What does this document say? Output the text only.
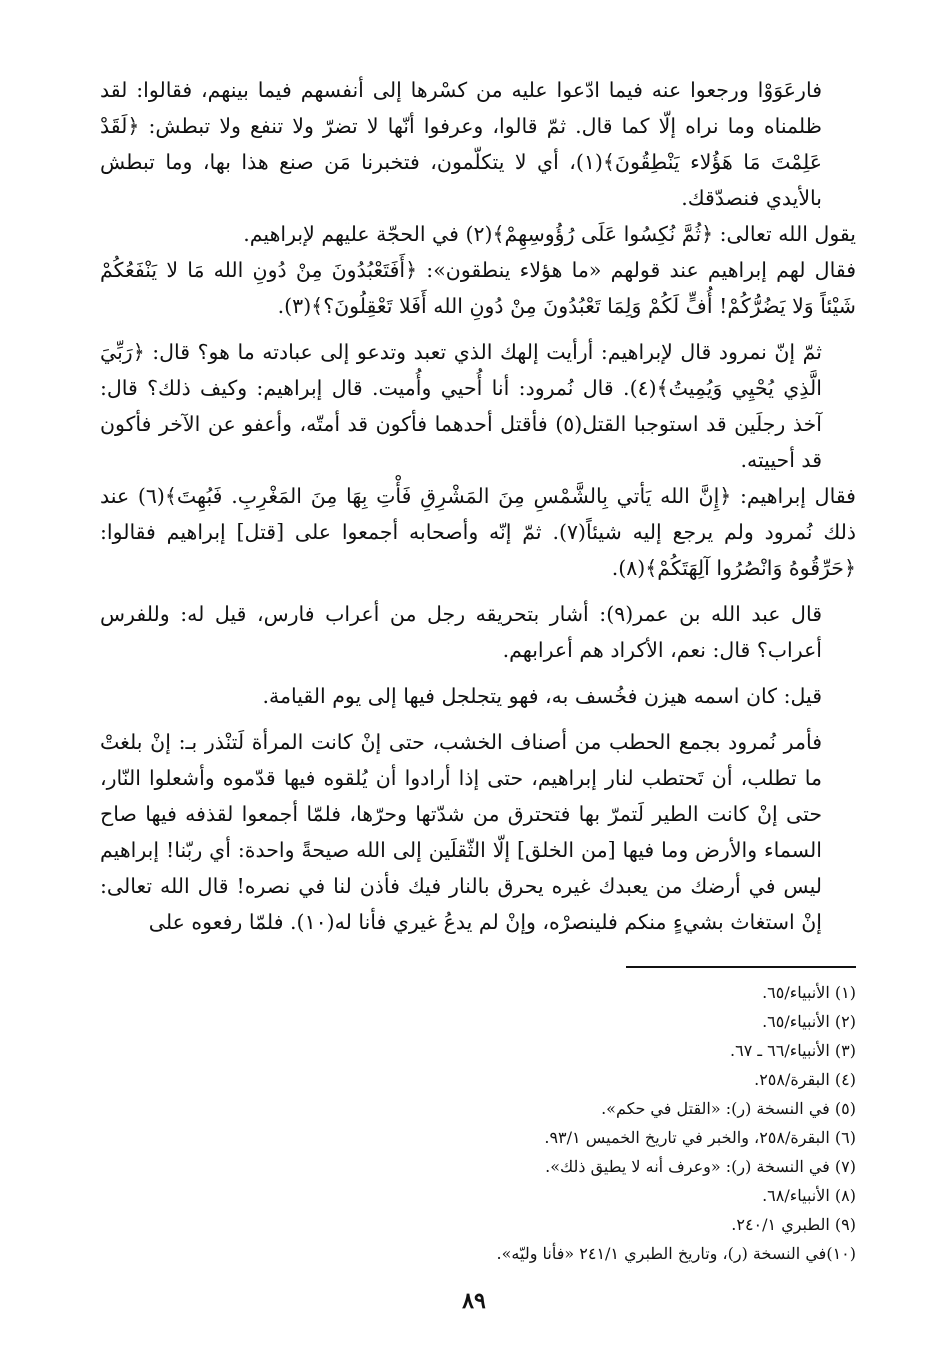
فارعَوَوْا ورجعوا عنه فيما ادّعوا عليه من كسْرها إلى أنفسهم فيما بينهم، فقالوا: لقد ظلمناه وما نراه إلّا كما قال. ثمّ قالوا، وعرفوا أنّها لا تضرّ ولا تنفع ولا تبطش: ﴿لَقَدْ عَلِمْتَ مَا هَؤُلاء يَنْطِقُونَ﴾(١)، أي لا يتكلّمون، فتخبرنا مَن صنع هذا بها، وما تبطش بالأيدي فنصدّقك.
يقول الله تعالى: ﴿ثُمَّ نُكِسُوا عَلَى رُؤُوسِهِمْ﴾(٢) في الحجّة عليهم لإبراهيم.
فقال لهم إبراهيم عند قولهم «ما هؤلاء ينطقون»: ﴿أَفَتَعْبُدُونَ مِنْ دُونِ الله مَا لا يَنْفَعُكُمْ شَيْئاً وَلا يَضُرُّكُمْ! أُفٍّ لَكُمْ وَلِمَا تَعْبُدُونَ مِنْ دُونِ الله أَفَلا تَعْقِلُونَ؟﴾(٣).

ثمّ إنّ نمرود قال لإبراهيم: أرأيت إلهك الذي تعبد وتدعو إلى عبادته ما هو؟ قال: ﴿رَبِّيَ الَّذِي يُحْيِي وَيُمِيتُ﴾(٤). قال نُمرود: أنا أُحيي وأُميت. قال إبراهيم: وكيف ذلك؟ قال: آخذ رجلَين قد استوجبا القتل(٥) فأقتل أحدهما فأكون قد أمتّه، وأعفو عن الآخر فأكون قد أحييته.
فقال إبراهيم: ﴿إِنَّ الله يَأتي بِالشَّمْسِ مِنَ المَشْرِقِ فَأْتِ بِهَا مِنَ المَغْرِبِ. فَبُهِتَ﴾(٦) عند ذلك نُمرود ولم يرجع إليه شيئاً(٧). ثمّ إنّه وأصحابه أجمعوا على [قتل] إبراهيم فقالوا: ﴿حَرِّقُوهُ وَانْصُرُوا آلِهَتَكُمْ﴾(٨).

قال عبد الله بن عمر(٩): أشار بتحريقه رجل من أعراب فارس، قيل له: وللفرس أعراب؟ قال: نعم، الأكراد هم أعرابهم.

قيل: كان اسمه هيزن فخُسف به، فهو يتجلجل فيها إلى يوم القيامة.

فأمر نُمرود بجمع الحطب من أصناف الخشب، حتى إنْ كانت المرأة لَتنْذر بـ: إنْ بلغتْ ما تطلب، أن تَحتطب لنار إبراهيم، حتى إذا أرادوا أن يُلقوه فيها قدّموه وأشعلوا النّار، حتى إنْ كانت الطير لَتمرّ بها فتحترق من شدّتها وحرّها، فلمّا أجمعوا لقذفه فيها صاح السماء والأرض وما فيها [من الخلق] إلّا الثّقلَين إلى الله صيحةً واحدة: أي ربّنا! إبراهيم ليس في أرضك من يعبدك غيره يحرق بالنار فيك فأذن لنا في نصره! قال الله تعالى: إنْ استغاث بشيءٍ منكم فلينصرْه، وإنْ لم يدعُ غيري فأنا له(١٠). فلمّا رفعوه على

(١) الأنبياء/٦٥.
(٢) الأنبياء/٦٥.
(٣) الأنبياء/٦٦ ـ ٦٧.
(٤) البقرة/٢٥٨.
(٥) في النسخة (ر): «القتل في حكم».
(٦) البقرة/٢٥٨، والخبر في تاريخ الخميس ٩٣/١.
(٧) في النسخة (ر): «وعرف أنه لا يطيق ذلك».
(٨) الأنبياء/٦٨.
(٩) الطبري ٢٤٠/١.
(١٠)في النسخة (ر)، وتاريخ الطبري ٢٤١/١ «فأنا وليّه».
٨٩
